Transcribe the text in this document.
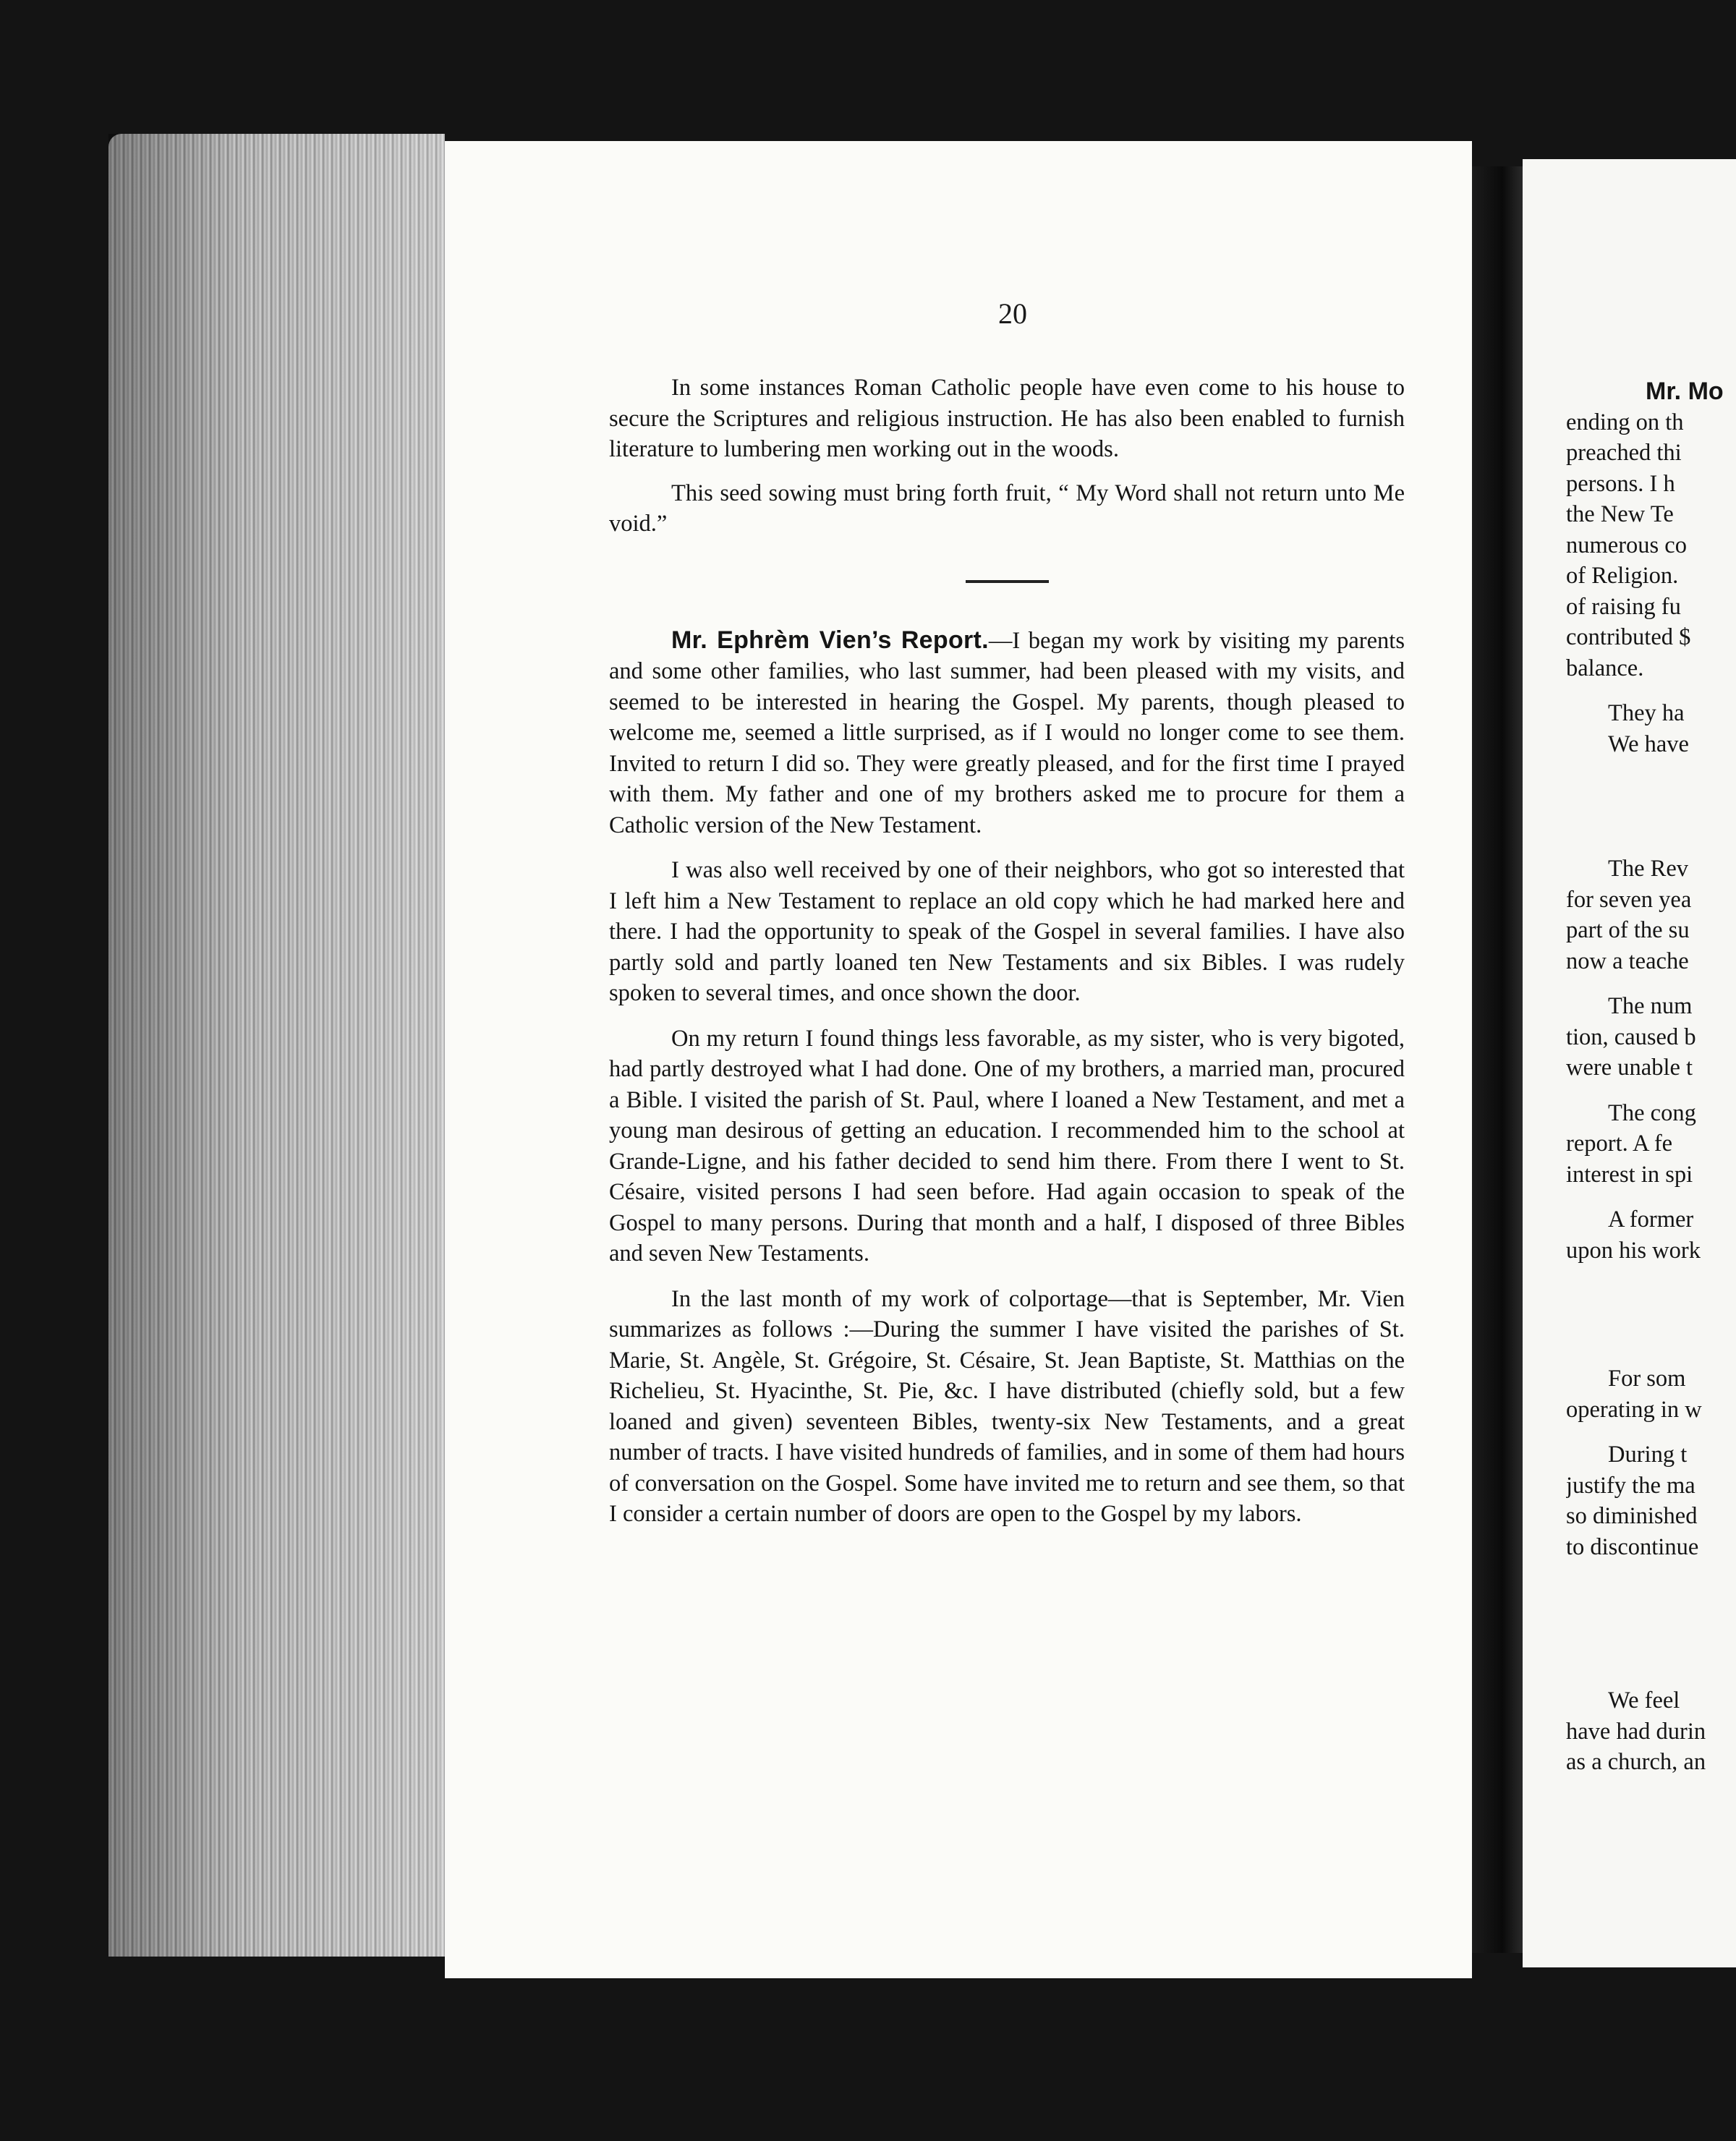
20

In some instances Roman Catholic people have even come to his house to secure the Scriptures and religious instruction. He has also been enabled to furnish literature to lumbering men working out in the woods.

This seed sowing must bring forth fruit, “ My Word shall not return unto Me void.”

Mr. Ephrèm Vien’s Report.—I began my work by visiting my parents and some other families, who last summer, had been pleased with my visits, and seemed to be interested in hearing the Gospel. My parents, though pleased to welcome me, seemed a little surprised, as if I would no longer come to see them. Invited to return I did so. They were greatly pleased, and for the first time I prayed with them. My father and one of my brothers asked me to procure for them a Catholic version of the New Testament.

I was also well received by one of their neighbors, who got so interested that I left him a New Testament to replace an old copy which he had marked here and there. I had the opportunity to speak of the Gospel in several families. I have also partly sold and partly loaned ten New Testaments and six Bibles. I was rudely spoken to several times, and once shown the door.

On my return I found things less favorable, as my sister, who is very bigoted, had partly destroyed what I had done. One of my brothers, a married man, procured a Bible. I visited the parish of St. Paul, where I loaned a New Testament, and met a young man desirous of getting an education. I recommended him to the school at Grande-Ligne, and his father decided to send him there. From there I went to St. Césaire, visited persons I had seen before. Had again occasion to speak of the Gospel to many persons. During that month and a half, I disposed of three Bibles and seven New Testaments.

In the last month of my work of colportage—that is September, Mr. Vien summarizes as follows :—During the summer I have visited the parishes of St. Marie, St. Angèle, St. Grégoire, St. Césaire, St. Jean Baptiste, St. Matthias on the Richelieu, St. Hyacinthe, St. Pie, &c. I have distributed (chiefly sold, but a few loaned and given) seventeen Bibles, twenty-six New Testaments, and a great number of tracts. I have visited hundreds of families, and in some of them had hours of conversation on the Gospel. Some have invited me to return and see them, so that I consider a certain number of doors are open to the Gospel by my labors.

Mr. Mo
ending on th
preached thi
persons. I h
the New Te
numerous co
of Religion.
of raising fu
contributed $
balance.
They ha
We have
The Rev
for seven yea
part of the su
now a teache
The num
tion, caused b
were unable t
The cong
report. A fe
interest in spi
A former
upon his work
For som
operating in w
During t
justify the ma
so diminished
to discontinue
We feel
have had durin
as a church, an
